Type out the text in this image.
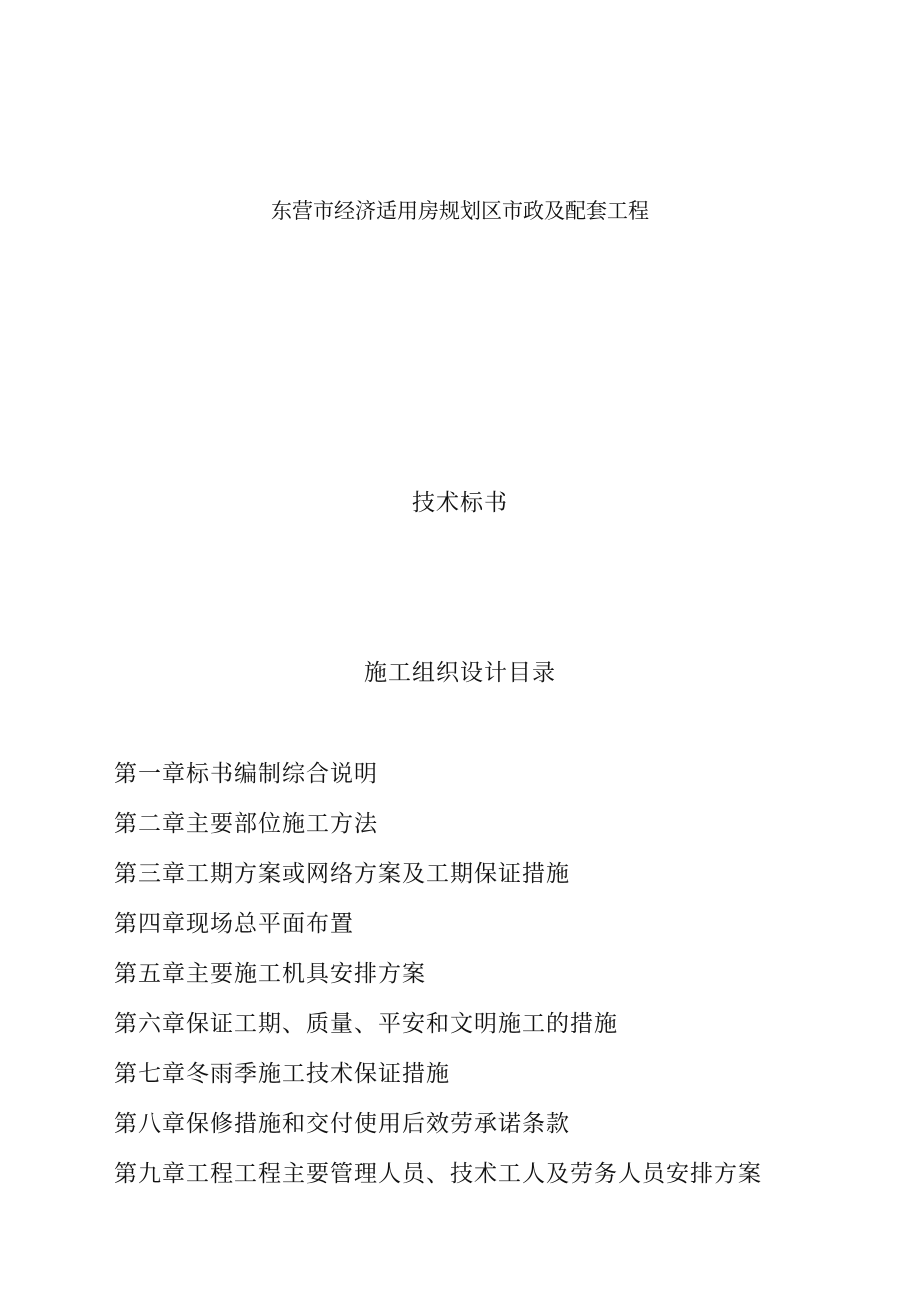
东营市经济适用房规划区市政及配套工程
技术标书
施工组织设计目录
第一章标书编制综合说明
第二章主要部位施工方法
第三章工期方案或网络方案及工期保证措施
第四章现场总平面布置
第五章主要施工机具安排方案
第六章保证工期、质量、平安和文明施工的措施
第七章冬雨季施工技术保证措施
第八章保修措施和交付使用后效劳承诺条款
第九章工程工程主要管理人员、技术工人及劳务人员安排方案
